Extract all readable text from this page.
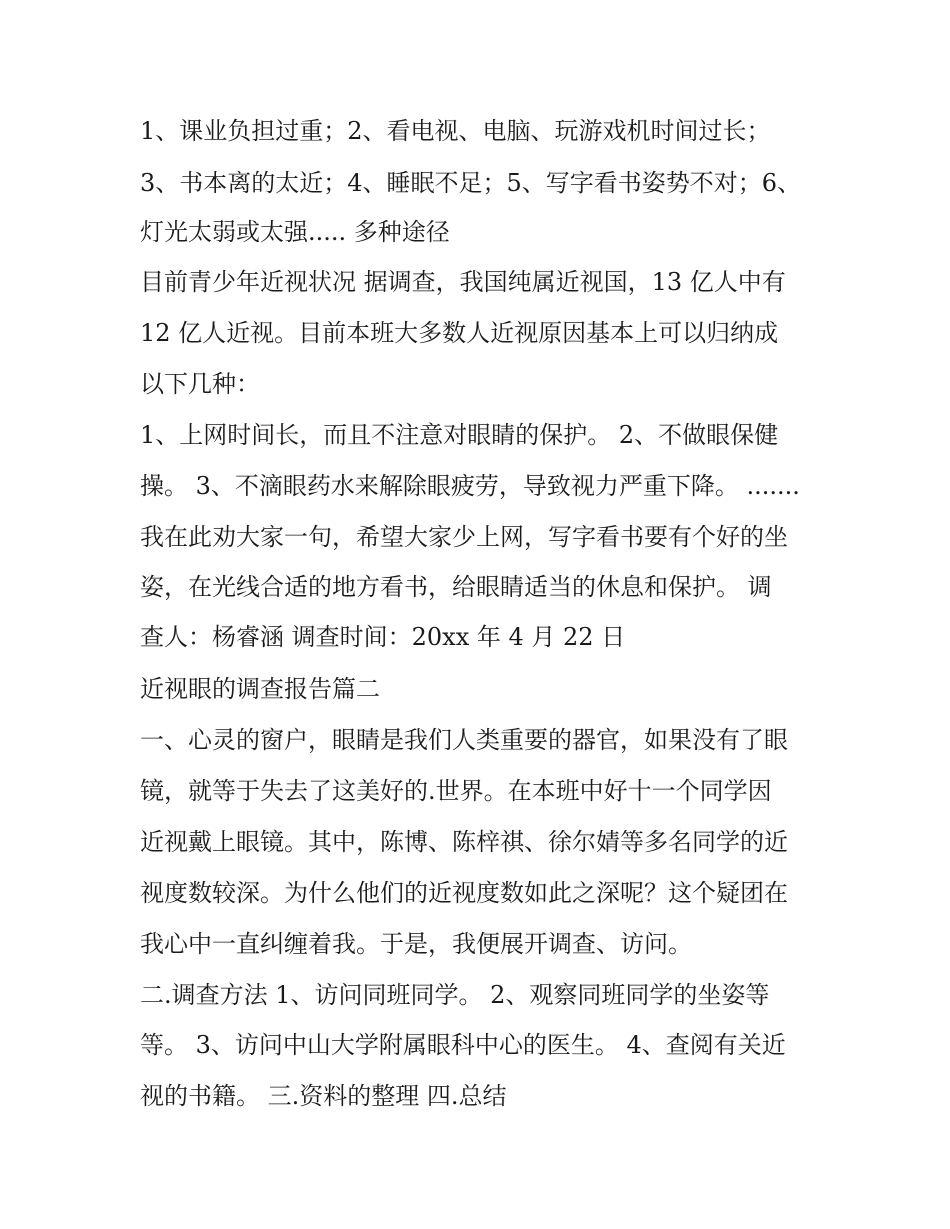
1、课业负担过重；2、看电视、电脑、玩游戏机时间过长；

3、书本离的太近；4、睡眠不足；5、写字看书姿势不对；6、

灯光太弱或太强..... 多种途径

目前青少年近视状况 据调查，我国纯属近视国，13 亿人中有

12 亿人近视。目前本班大多数人近视原因基本上可以归纳成

以下几种：

1、上网时间长，而且不注意对眼睛的保护。 2、不做眼保健

操。 3、不滴眼药水来解除眼疲劳，导致视力严重下降。 .......

我在此劝大家一句，希望大家少上网，写字看书要有个好的坐

姿，在光线合适的地方看书，给眼睛适当的休息和保护。 调

查人：杨睿涵 调查时间：20xx 年 4 月 22 日

近视眼的调查报告篇二

一、心灵的窗户，眼睛是我们人类重要的器官，如果没有了眼

镜，就等于失去了这美好的.世界。在本班中好十一个同学因

近视戴上眼镜。其中，陈博、陈梓祺、徐尔婧等多名同学的近

视度数较深。为什么他们的近视度数如此之深呢？这个疑团在

我心中一直纠缠着我。于是，我便展开调查、访问。

二.调查方法 1、访问同班同学。 2、观察同班同学的坐姿等

等。 3、访问中山大学附属眼科中心的医生。 4、查阅有关近

视的书籍。 三.资料的整理 四.总结
